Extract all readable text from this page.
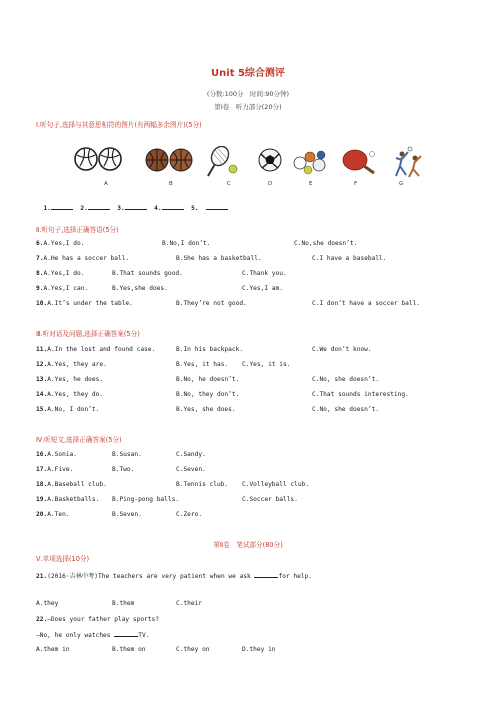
Unit 5综合测评
(分数:100分　时间:90分钟)
第Ⅰ卷　听力部分(20分)
Ⅰ.听句子,选择与其意思相符的图片(有两幅多余图片)(5分)
A	B	C	D	E	F	G

1.	2.	3.	4.	5.

Ⅱ.听句子,选择正确答语(5分)
6.A.Yes,I do.	B.No,I don’t.	C.No,she doesn’t.
7.A.He has a soccer ball.	B.She has a basketball.	C.I have a baseball.
8.A.Yes,I do.	B.That sounds good.	C.Thank you.
9.A.Yes,I can.	B.Yes,she does.	C.Yes,I am.
10.A.It’s under the table.	B.They’re not good.	C.I don’t have a soccer ball.
Ⅲ.听对话及问题,选择正确答案(5分)
11.A.In the lost and found case.	B.In his backpack.	C.We don’t know.
12.A.Yes, they are.	B.Yes, it has. C.Yes, it is.
13.A.Yes, he does.	B.No, he doesn’t.	C.No, she doesn’t.
14.A.Yes, they do.	B.No, they don’t.	C.That sounds interesting.
15.A.No, I don’t.	B.Yes, she does.	C.No, she doesn’t.
Ⅳ.听短文,选择正确答案(5分)
16.A.Sonia.	B.Susan.	C.Sandy.
17.A.Five.	B.Two.	C.Seven.
18.A.Baseball club.	B.Tennis club. C.Volleyball club.
19.A.Basketballs. B.Ping-pong balls.	C.Soccer balls.
20.A.Ten.	B.Seven.	C.Zero.
第Ⅱ卷　笔试部分(80分)
Ⅴ.单项选择(10分)
21.(2016·吉林中考)The teachers are very patient when we ask	for help.
A.they	B.them	C.their
22.—Does your father play sports?
—No, he only watches	TV.
A.them in	B.them on	C.they on	D.they in
